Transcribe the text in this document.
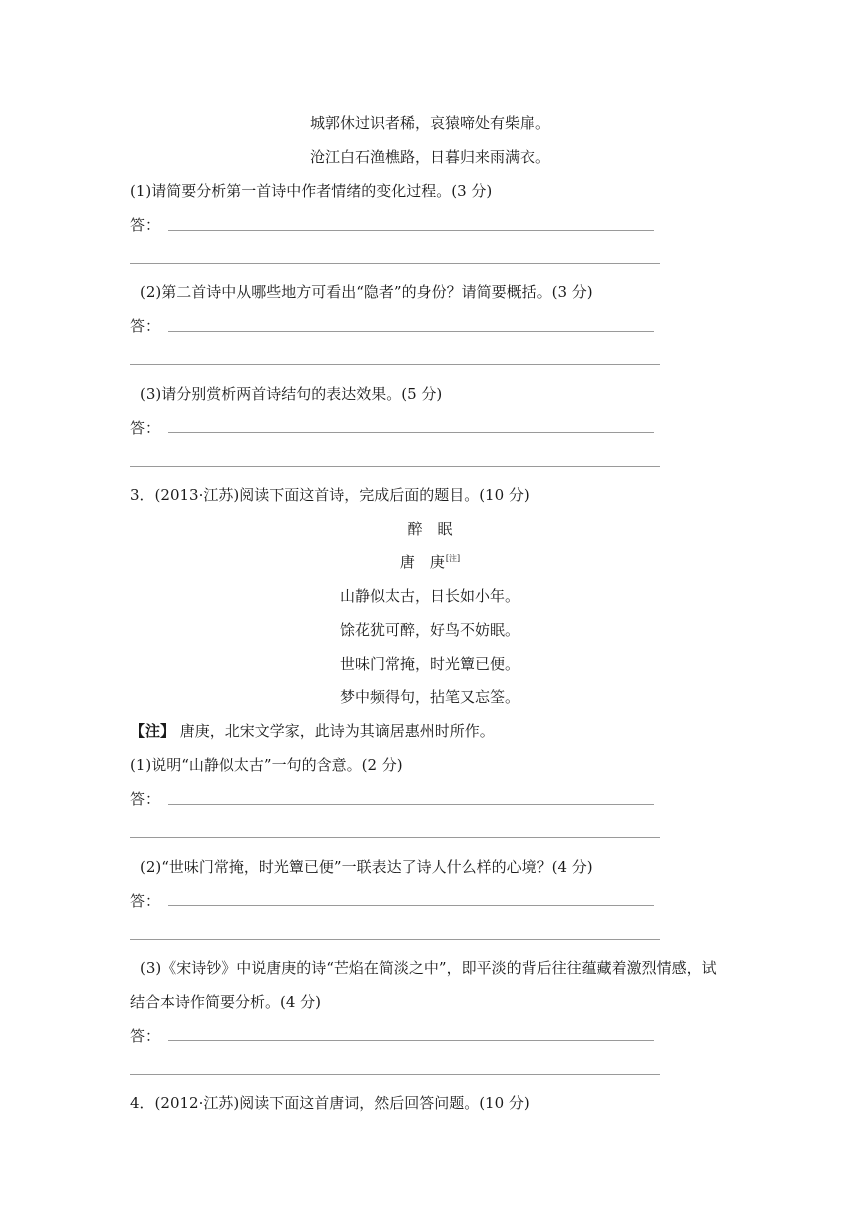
城郭休过识者稀，哀猿啼处有柴扉。
沧江白石渔樵路，日暮归来雨满衣。
(1)请简要分析第一首诗中作者情绪的变化过程。(3 分)
答：
(2)第二首诗中从哪些地方可看出“隐者”的身份？请简要概括。(3 分)
答：
(3)请分别赏析两首诗结句的表达效果。(5 分)
答：
3．(2013·江苏)阅读下面这首诗，完成后面的题目。(10 分)
醉　眠
唐　庚[注]
山静似太古，日长如小年。
馀花犹可醉，好鸟不妨眠。
世味门常掩，时光簟已便。
梦中频得句，拈笔又忘筌。
【注】 唐庚，北宋文学家，此诗为其谪居惠州时所作。
(1)说明“山静似太古”一句的含意。(2 分)
答：
(2)“世味门常掩，时光簟已便”一联表达了诗人什么样的心境？(4 分)
答：
(3)《宋诗钞》中说唐庚的诗“芒焰在简淡之中”，即平淡的背后往往蕴藏着激烈情感，试
结合本诗作简要分析。(4 分)
答：
4．(2012·江苏)阅读下面这首唐词，然后回答问题。(10 分)
